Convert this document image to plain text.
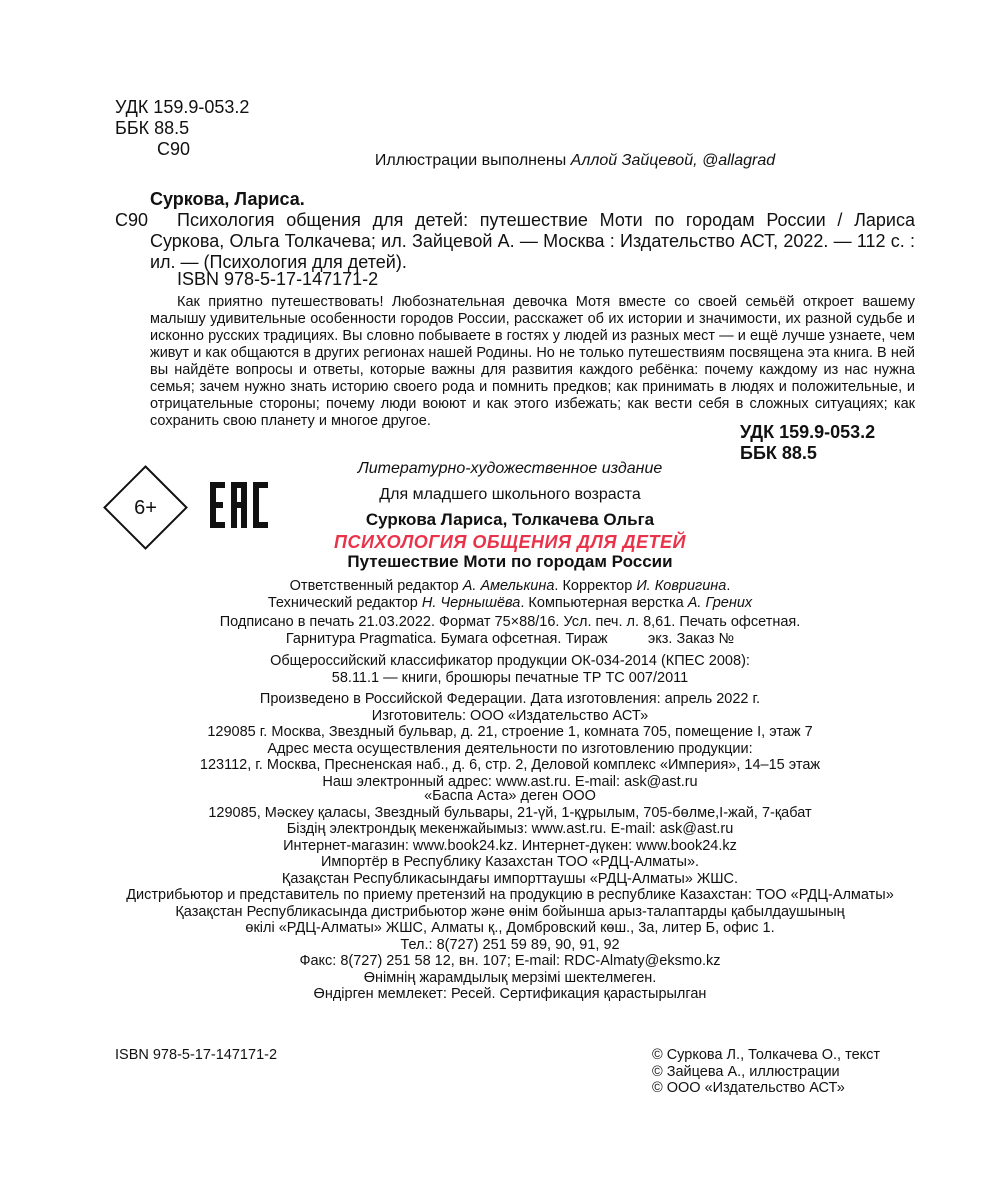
УДК 159.9-053.2
ББК 88.5
С90
Иллюстрации выполнены Аллой Зайцевой, @allagrad
Суркова, Лариса.
С90	Психология общения для детей: путешествие Моти по городам России / Лариса Суркова, Ольга Толкачева; ил. Зайцевой А. — Москва : Издательство АСТ, 2022. — 112 с. : ил. — (Психология для детей).
ISBN 978-5-17-147171-2
Как приятно путешествовать! Любознательная девочка Мотя вместе со своей семьёй откроет вашему малышу удивительные особенности городов России, расскажет об их истории и значимости, их разной судьбе и исконно русских традициях. Вы словно побываете в гостях у людей из разных мест — и ещё лучше узнаете, чем живут и как общаются в других регионах нашей Родины. Но не только путешествиям посвящена эта книга. В ней вы найдёте вопросы и ответы, которые важны для развития каждого ребёнка: почему каждому из нас нужна семья; зачем нужно знать историю своего рода и помнить предков; как принимать в людях и положительные, и отрицательные стороны; почему люди воюют и как этого избежать; как вести себя в сложных ситуациях; как сохранить свою планету и многое другое.
УДК 159.9-053.2
ББК 88.5
6+
Литературно-художественное издание
Для младшего школьного возраста
Суркова Лариса, Толкачева Ольга
ПСИХОЛОГИЯ ОБЩЕНИЯ ДЛЯ ДЕТЕЙ
Путешествие Моти по городам России
Ответственный редактор А. Амелькина. Корректор И. Ковригина.
Технический редактор Н. Чернышёва. Компьютерная верстка А. Грених
Подписано в печать 21.03.2022. Формат 75×88/16. Усл. печ. л. 8,61. Печать офсетная.
Гарнитура Pragmatica. Бумага офсетная. Тираж          экз. Заказ №
Общероссийский классификатор продукции ОК-034-2014 (КПЕС 2008):
58.11.1 — книги, брошюры печатные ТР ТС 007/2011
Произведено в Российской Федерации. Дата изготовления: апрель 2022 г.
Изготовитель: ООО «Издательство АСТ»
129085 г. Москва, Звездный бульвар, д. 21, строение 1, комната 705, помещение I, этаж 7
Адрес места осуществления деятельности по изготовлению продукции:
123112, г. Москва, Пресненская наб., д. 6, стр. 2, Деловой комплекс «Империя», 14–15 этаж
Наш электронный адрес: www.ast.ru. E-mail: ask@ast.ru
«Баспа Аста» деген ООО
129085, Мәскеу қаласы, Звездный бульвары, 21-үй, 1-құрылым, 705-бөлме,I-жай, 7-қабат
Біздің электрондық мекенжайымыз: www.ast.ru. E-mail: ask@ast.ru
Интернет-магазин: www.book24.kz. Интернет-дүкен: www.book24.kz
Импортёр в Республику Казахстан ТОО «РДЦ-Алматы».
Қазақстан Республикасындағы импорттаушы «РДЦ-Алматы» ЖШС.
Дистрибьютор и представитель по приему претензий на продукцию в республике Казахстан: ТОО «РДЦ-Алматы»
Қазақстан Республикасында дистрибьютор және өнім бойынша арыз-талаптарды қабылдаушының
өкілі «РДЦ-Алматы» ЖШС, Алматы қ., Домбровский көш., 3а, литер Б, офис 1.
Тел.: 8(727) 251 59 89, 90, 91, 92
Факс: 8(727) 251 58 12, вн. 107; E-mail: RDC-Almaty@eksmo.kz
Өнімнің жарамдылық мерзімі шектелмеген.
Өндірген мемлекет: Ресей. Сертификация қарастырылган
ISBN 978-5-17-147171-2	© Суркова Л., Толкачева О., текст
© Зайцева А., иллюстрации
© ООО «Издательство АСТ»
